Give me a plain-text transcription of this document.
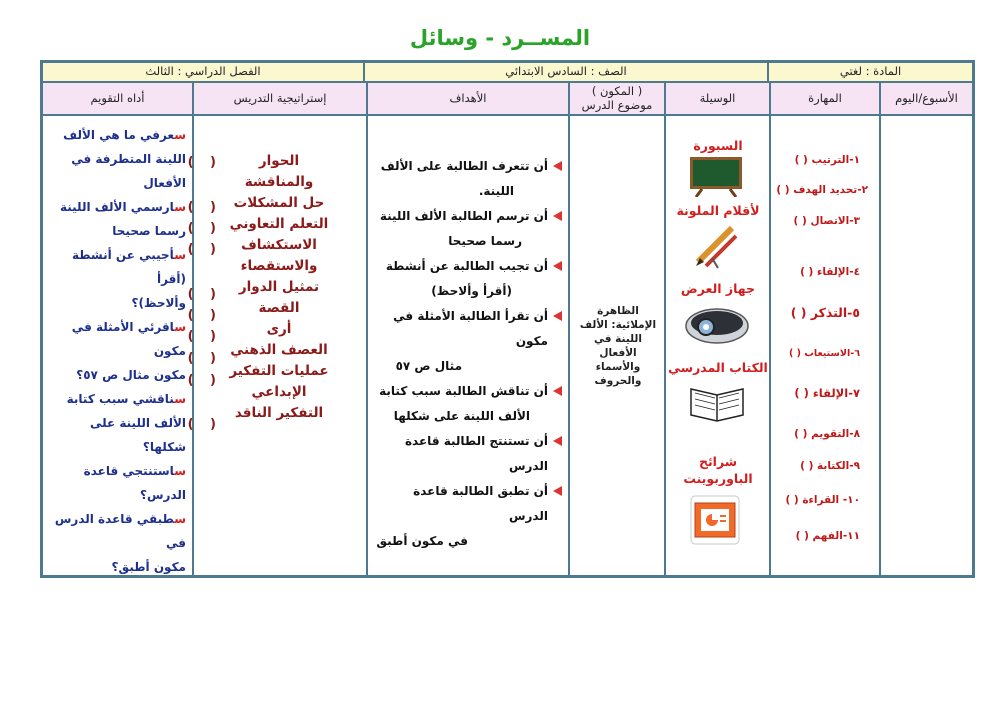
المســرد - وسائل
المادة : لغتي
الصف : السادس الابتدائي
الفصل الدراسي : الثالث
الأسبوع/اليوم
المهارة
الوسيلة
( المكون )
موضوع الدرس
الأهداف
إستراتيجية التدريس
أداه التقويم
١-الترتيب ( )
٢-تحديد الهدف ( )
٣-الاتصال ( )
٤-الإلقاء ( )
٥-التذكر ( )
٦-الاستيعاب ( )
٧-الإلقاء ( )
٨-التقويم ( )
٩-الكتابة ( )
١٠- القراءة ( )
١١-الفهم ( )
السبورة
لأقلام الملونة
جهاز العرض
الكتاب المدرسي
شرائح
الباوربوينت
الظاهرة
الإملائية: الألف
اللينة في الأفعال
والأسماء
والحروف
أن تتعرف الطالبة على الألف
اللينة.
أن ترسم الطالبة الألف اللينة
رسما صحيحا
أن تجيب الطالبة عن أنشطة
(أقرأ وألاحظ)
أن تقرأ الطالبة الأمثلة في مكون
مثال ص ٥٧
أن تناقش الطالبة سبب كتابة
الألف اللينة على شكلها
أن تستنتج الطالبة قاعدة الدرس
أن تطبق الطالبة قاعدة الدرس
في مكون أطبق
الحوار
والمناقشة
حل المشكلات
التعلم التعاوني
الاستكشاف
والاستقصاء
تمثيل الدوار
القصة
أرى
العصف الذهني
عمليات التفكير
الإبداعي
التفكير الناقد
( )
( )
( )
( )
( )
( )
( )
( )
( )
( )

سعرفي ما هي الألف

اللينة المتطرفة في

الأفعال

سارسمي الألف اللينة

رسما صحيحا

سأجيبي عن أنشطة (أقرأ

وألاحظ)؟

ساقرئي الأمثلة في مكون

مكون مثال ص ٥٧؟

سناقشي سبب كتابة

الألف اللينة على

شكلها؟

ساستنتجي قاعدة

الدرس؟

سطبقي قاعدة الدرس في

مكون أطبق؟
